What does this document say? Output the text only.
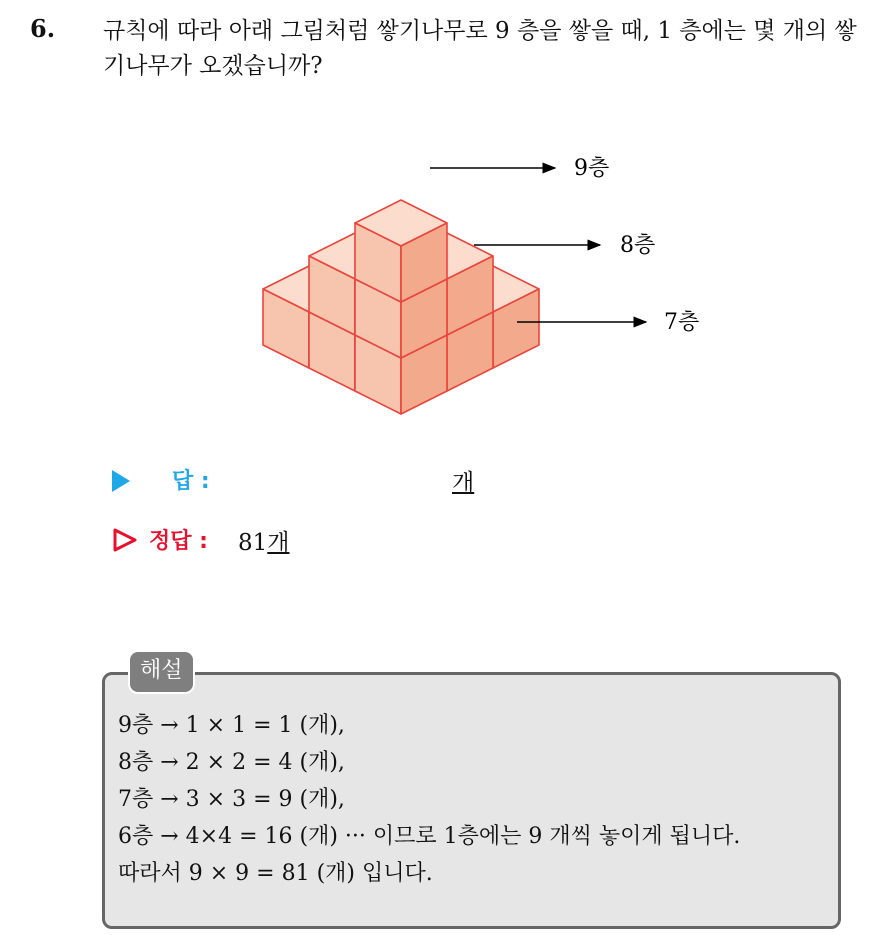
6. 규칙에 따라 아래 그림처럼 쌓기나무로 9 층을 쌓을 때, 1 층에는 몇 개의 쌓기나무가 오겠습니까?
9층
8층
7층
답 :	개
정답 : 81개
해설
9층 → 1 × 1 = 1 (개),
8층 → 2 × 2 = 4 (개),
7층 → 3 × 3 = 9 (개),
6층 → 4×4 = 16 (개) ··· 이므로 1층에는 9 개씩 놓이게 됩니다.
따라서 9 × 9 = 81 (개) 입니다.
